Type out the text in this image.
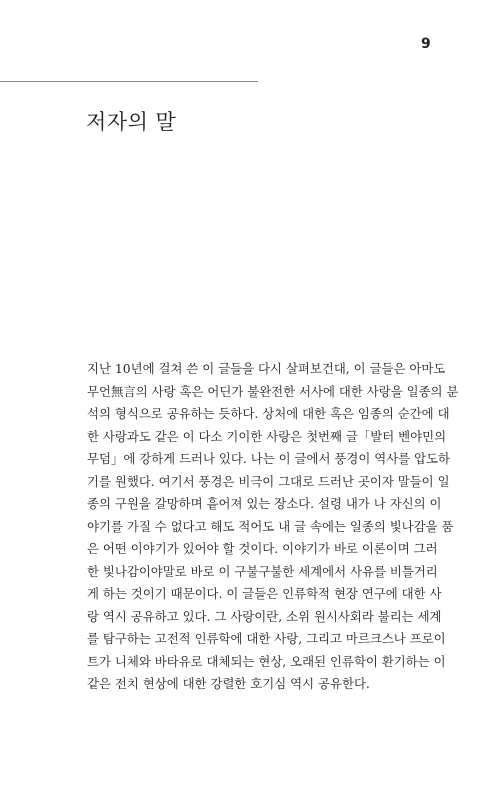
9
저자의 말
지난 10년에 걸쳐 쓴 이 글들을 다시 살펴보건대, 이 글들은 아마도
무언無言의 사랑 혹은 어딘가 불완전한 서사에 대한 사랑을 일종의 분
석의 형식으로 공유하는 듯하다. 상처에 대한 혹은 임종의 순간에 대
한 사랑과도 같은 이 다소 기이한 사랑은 첫번째 글「발터 벤야민의
무덤」에 강하게 드러나 있다. 나는 이 글에서 풍경이 역사를 압도하
기를 원했다. 여기서 풍경은 비극이 그대로 드러난 곳이자 말들이 일
종의 구원을 갈망하며 흩어져 있는 장소다. 설령 내가 나 자신의 이
야기를 가질 수 없다고 해도 적어도 내 글 속에는 일종의 빛나감을 품
은 어떤 이야기가 있어야 할 것이다. 이야기가 바로 이론이며 그러
한 빛나감이야말로 바로 이 구불구불한 세계에서 사유를 비틀거리
게 하는 것이기 때문이다. 이 글들은 인류학적 현장 연구에 대한 사
랑 역시 공유하고 있다. 그 사랑이란, 소위 원시사회라 불리는 세계
를 탐구하는 고전적 인류학에 대한 사랑, 그리고 마르크스나 프로이
트가 니체와 바타유로 대체되는 현상, 오래된 인류학이 환기하는 이
같은 전치 현상에 대한 강렬한 호기심 역시 공유한다.
